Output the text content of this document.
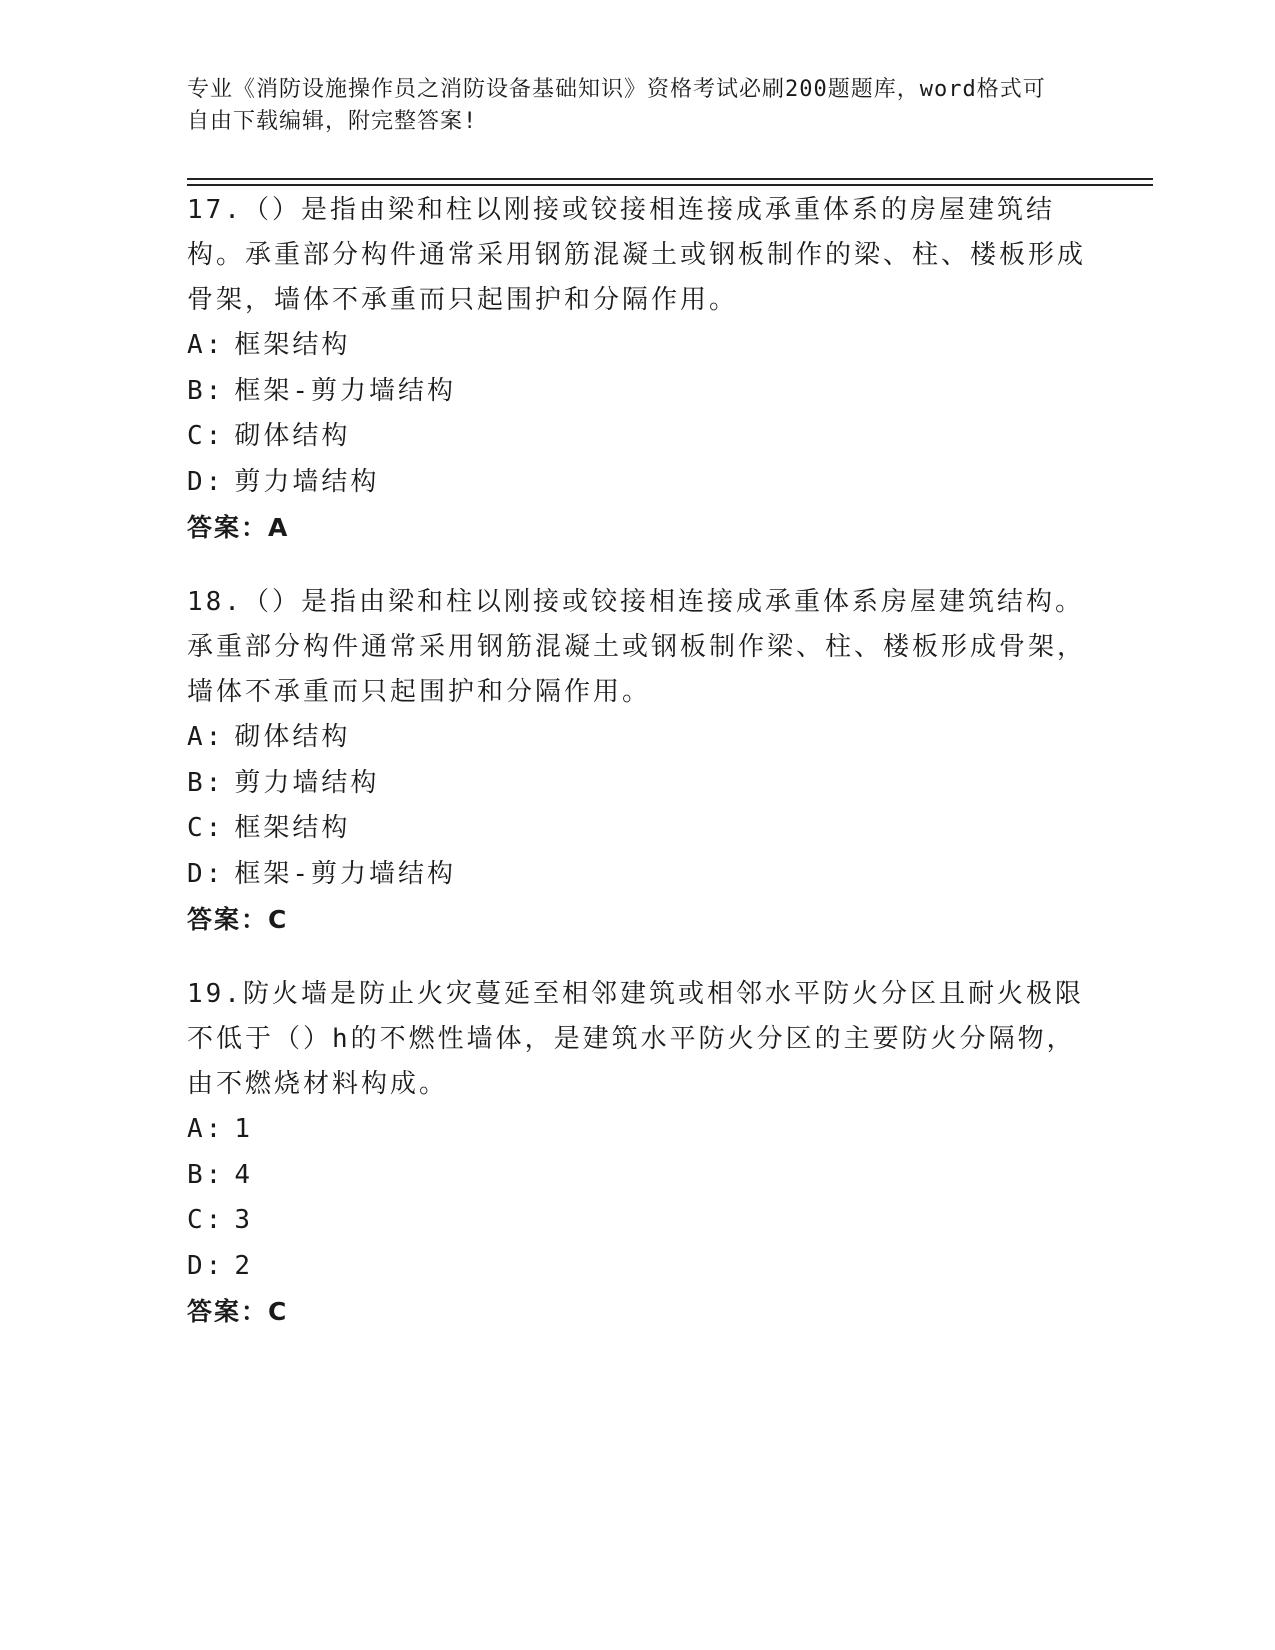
专业《消防设施操作员之消防设备基础知识》资格考试必刷200题题库，word格式可自由下载编辑，附完整答案!
17.（）是指由梁和柱以刚接或铰接相连接成承重体系的房屋建筑结构。承重部分构件通常采用钢筋混凝土或钢板制作的梁、柱、楼板形成骨架，墙体不承重而只起围护和分隔作用。
A: 框架结构
B: 框架-剪力墙结构
C: 砌体结构
D: 剪力墙结构
答案：A
18.（）是指由梁和柱以刚接或铰接相连接成承重体系房屋建筑结构。承重部分构件通常采用钢筋混凝土或钢板制作梁、柱、楼板形成骨架，墙体不承重而只起围护和分隔作用。
A: 砌体结构
B: 剪力墙结构
C: 框架结构
D: 框架-剪力墙结构
答案：C
19.防火墙是防止火灾蔓延至相邻建筑或相邻水平防火分区且耐火极限不低于（）h的不燃性墙体，是建筑水平防火分区的主要防火分隔物，由不燃烧材料构成。
A: 1
B: 4
C: 3
D: 2
答案：C
